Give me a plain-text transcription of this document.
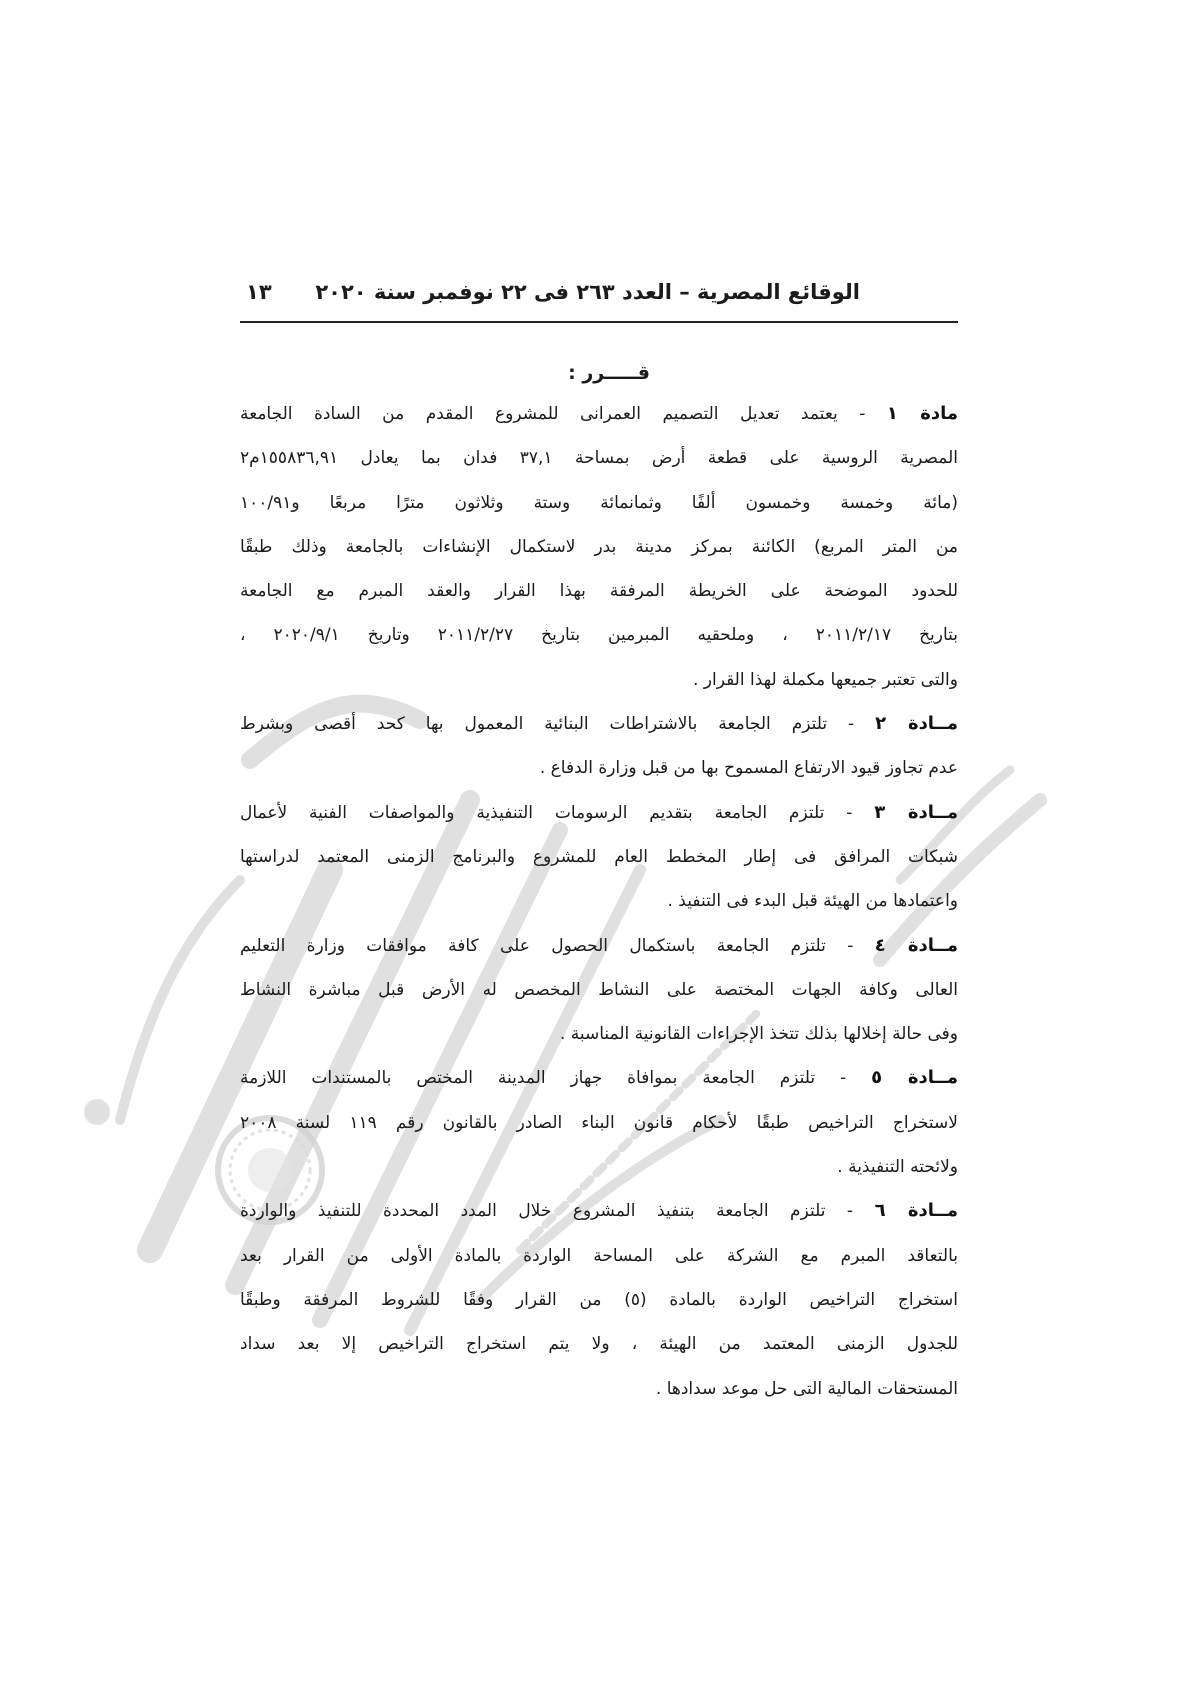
الوقائع المصرية – العدد ٢٦٣ فى ٢٢ نوفمبر سنة ٢٠٢٠
١٣
قـــــرر :
مادة ١ - يعتمد تعديل التصميم العمرانى للمشروع المقدم من السادة الجامعة
المصرية الروسية على قطعة أرض بمساحة ٣٧,١ فدان بما يعادل ١٥٥٨٣٦,٩١م٢
(مائة وخمسة وخمسون ألفًا وثمانمائة وستة وثلاثون مترًا مربعًا و١٠٠/٩١
من المتر المربع) الكائنة بمركز مدينة بدر لاستكمال الإنشاءات بالجامعة وذلك طبقًا
للحدود الموضحة على الخريطة المرفقة بهذا القرار والعقد المبرم مع الجامعة
بتاريخ ٢٠١١/٢/١٧ ، وملحقيه المبرمين بتاريخ ٢٠١١/٢/٢٧ وتاريخ ٢٠٢٠/٩/١ ،
والتى تعتبر جميعها مكملة لهذا القرار .
مــادة ٢ - تلتزم الجامعة بالاشتراطات البنائية المعمول بها كحد أقصى وبشرط
عدم تجاوز قيود الارتفاع المسموح بها من قبل وزارة الدفاع .
مــادة ٣ - تلتزم الجامعة بتقديم الرسومات التنفيذية والمواصفات الفنية لأعمال
شبكات المرافق فى إطار المخطط العام للمشروع والبرنامج الزمنى المعتمد لدراستها
واعتمادها من الهيئة قبل البدء فى التنفيذ .
مــادة ٤ - تلتزم الجامعة باستكمال الحصول على كافة موافقات وزارة التعليم
العالى وكافة الجهات المختصة على النشاط المخصص له الأرض قبل مباشرة النشاط
وفى حالة إخلالها بذلك تتخذ الإجراءات القانونية المناسبة .
مــادة ٥ - تلتزم الجامعة بموافاة جهاز المدينة المختص بالمستندات اللازمة
لاستخراج التراخيص طبقًا لأحكام قانون البناء الصادر بالقانون رقم ١١٩ لسنة ٢٠٠٨
ولائحته التنفيذية .
مــادة ٦ - تلتزم الجامعة بتنفيذ المشروع خلال المدد المحددة للتنفيذ والواردة
بالتعاقد المبرم مع الشركة على المساحة الواردة بالمادة الأولى من القرار بعد
استخراج التراخيص الواردة بالمادة (٥) من القرار وفقًا للشروط المرفقة وطبقًا
للجدول الزمنى المعتمد من الهيئة ، ولا يتم استخراج التراخيص إلا بعد سداد
المستحقات المالية التى حل موعد سدادها .
